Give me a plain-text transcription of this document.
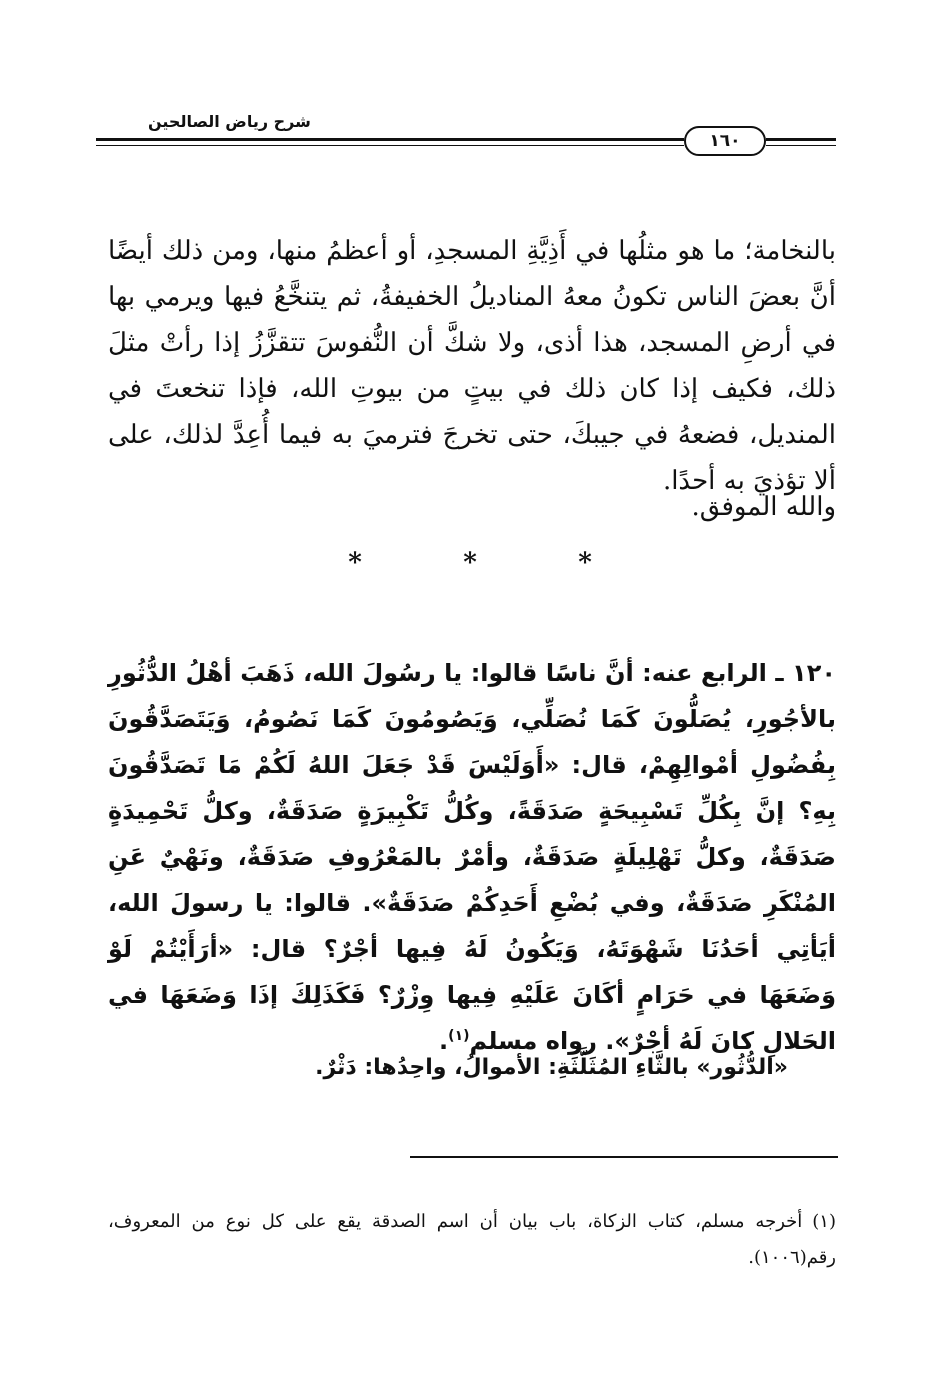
شرح رياض الصالحين
١٦٠

بالنخامة؛ ما هو مثلُها في أَذِيَّةِ المسجدِ، أو أعظمُ منها، ومن ذلك أيضًا أنَّ بعضَ الناس تكونُ معهُ المناديلُ الخفيفةُ، ثم يتنخَّعُ فيها ويرمي بها في أرضِ المسجد، هذا أذى، ولا شكَّ أن النُّفوسَ تتقزَّزُ إذا رأتْ مثلَ ذلك، فكيف إذا كان ذلك في بيتٍ من بيوتِ الله، فإذا تنخعتَ في المنديل، فضعهُ في جيبكَ، حتى تخرجَ فترميَ به فيما أُعِدَّ لذلك، على ألا تؤذيَ به أحدًا.

والله الموفق.
*	*	*

١٢٠ ـ الرابع عنه: أنَّ ناسًا قالوا: يا رسُولَ الله، ذَهَبَ أهْلُ الدُّثُورِ بالأجُورِ، يُصَلُّونَ كَمَا نُصَلِّي، وَيَصُومُونَ كَمَا نَصُومُ، وَيَتَصَدَّقُونَ بِفُضُولِ أمْوالِهِمْ، قال: «أَوَلَيْسَ قَدْ جَعَلَ اللهُ لَكُمْ مَا تَصَدَّقُونَ بِهِ؟ إنَّ بِكُلِّ تَسْبِيحَةٍ صَدَقَةً، وكُلُّ تَكْبِيرَةٍ صَدَقَةٌ، وكلُّ تَحْمِيدَةٍ صَدَقَةٌ، وكلُّ تَهْلِيلَةٍ صَدَقَةٌ، وأمْرٌ بالمَعْرُوفِ صَدَقَةٌ، ونَهْيٌ عَنِ المُنْكَرِ صَدَقَةٌ، وفي بُضْعِ أَحَدِكُمْ صَدَقَةٌ». قالوا: يا رسولَ الله، أيَأتِي أحَدُنَا شَهْوَتَهُ، وَيَكُونُ لَهُ فِيها أجْرٌ؟ قال: «أرَأَيْتُمْ لَوْ وَضَعَهَا في حَرَامٍ أكَانَ عَلَيْهِ فِيها وِزْرٌ؟ فَكَذَلِكَ إذَا وَضَعَهَا في الحَلالِ كانَ لَهُ أجْرٌ». رواه مسلم$^{(١)}$.

«الدُّثُور» بالثَّاءِ المُثَلَّثَةِ: الأموالُ، واحِدُها: دَثْرٌ.

(١)أخرجه مسلم، كتاب الزكاة، باب بيان أن اسم الصدقة يقع على كل نوع من المعروف، رقم(١٠٠٦).
